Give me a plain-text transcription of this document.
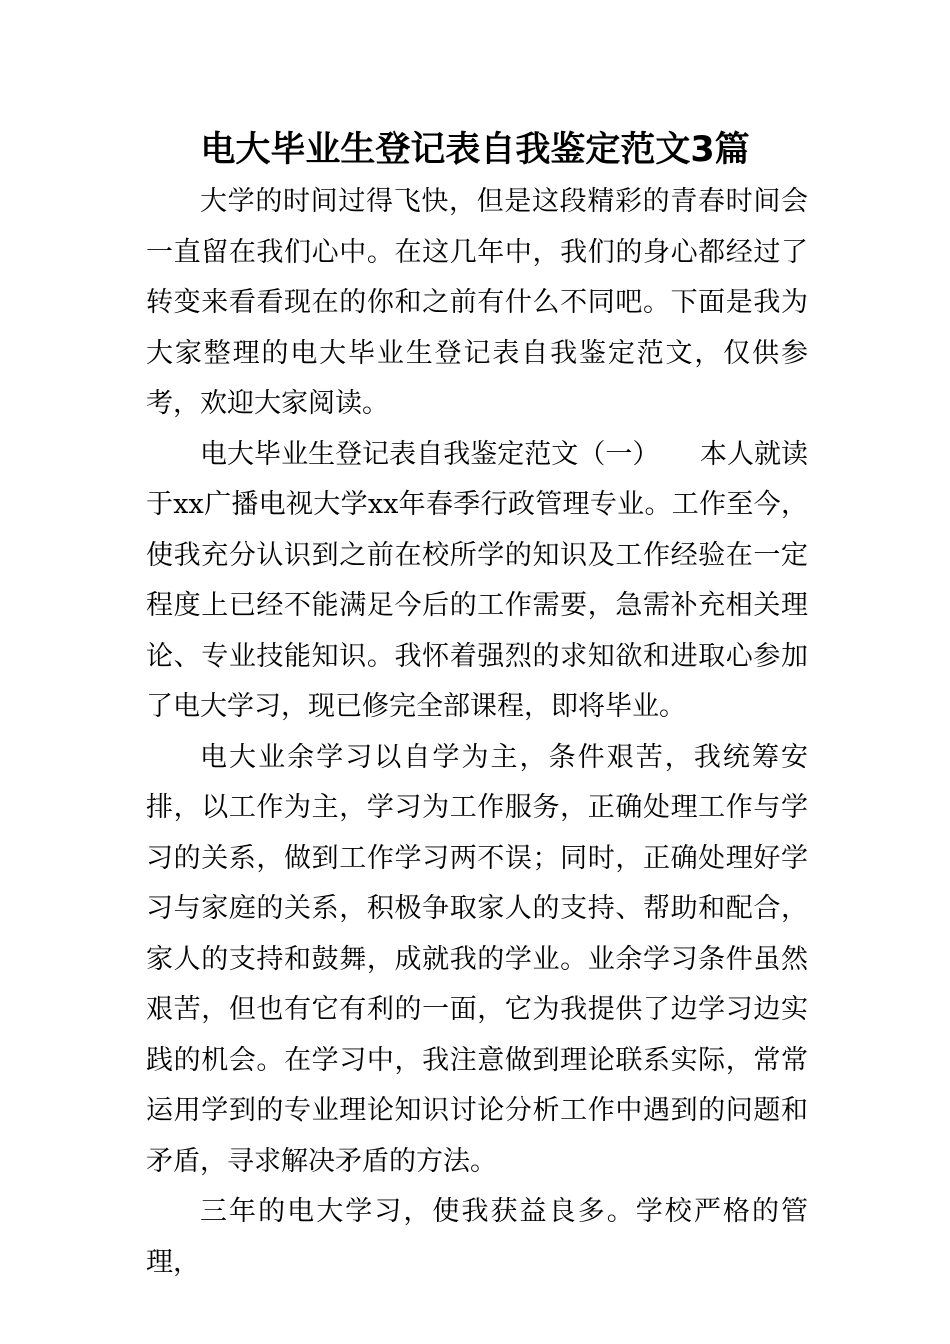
电大毕业生登记表自我鉴定范文3篇

大学的时间过得飞快，但是这段精彩的青春时间会一直留在我们心中。在这几年中，我们的身心都经过了转变来看看现在的你和之前有什么不同吧。下面是我为大家整理的电大毕业生登记表自我鉴定范文，仅供参考，欢迎大家阅读。

电大毕业生登记表自我鉴定范文（一）　　本人就读于xx广播电视大学xx年春季行政管理专业。工作至今，使我充分认识到之前在校所学的知识及工作经验在一定程度上已经不能满足今后的工作需要，急需补充相关理论、专业技能知识。我怀着强烈的求知欲和进取心参加了电大学习，现已修完全部课程，即将毕业。

电大业余学习以自学为主，条件艰苦，我统筹安排，以工作为主，学习为工作服务，正确处理工作与学习的关系，做到工作学习两不误；同时，正确处理好学习与家庭的关系，积极争取家人的支持、帮助和配合，家人的支持和鼓舞，成就我的学业。业余学习条件虽然艰苦，但也有它有利的一面，它为我提供了边学习边实践的机会。在学习中，我注意做到理论联系实际，常常运用学到的专业理论知识讨论分析工作中遇到的问题和矛盾，寻求解决矛盾的方法。

三年的电大学习，使我获益良多。学校严格的管理，
